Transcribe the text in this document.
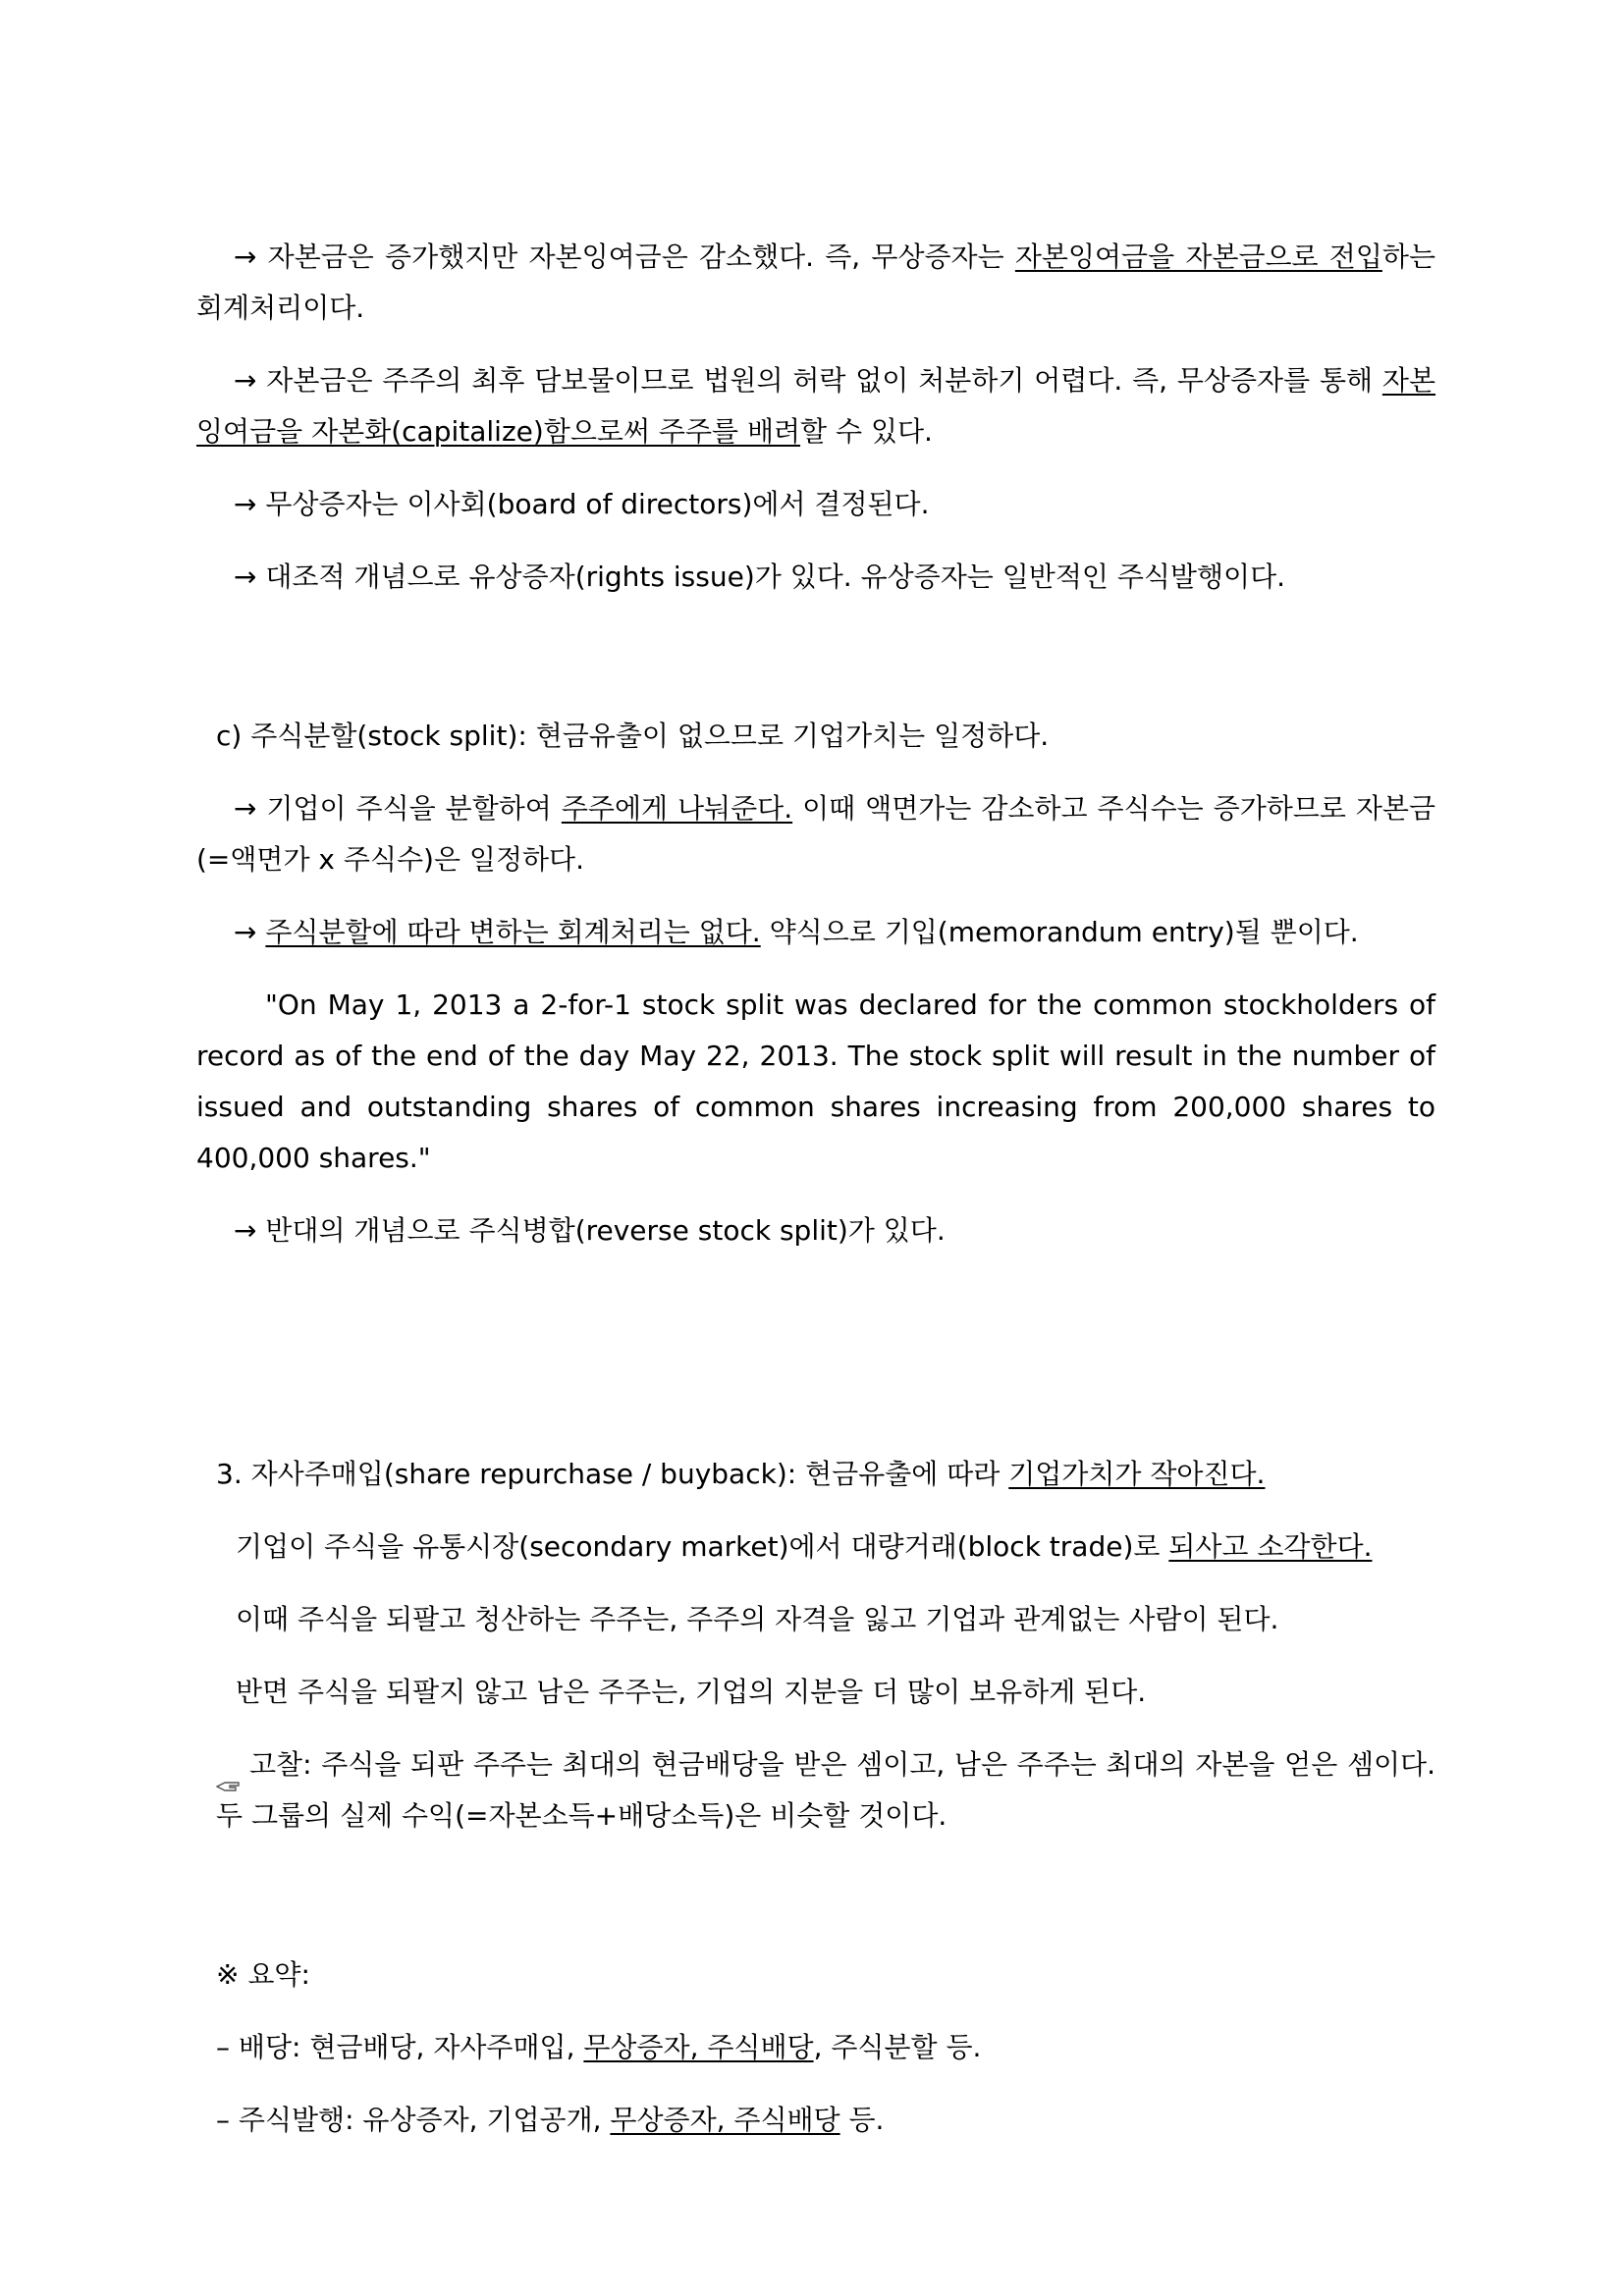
→ 자본금은 증가했지만 자본잉여금은 감소했다. 즉, 무상증자는 자본잉여금을 자본금으로 전입하는 회계처리이다.

→ 자본금은 주주의 최후 담보물이므로 법원의 허락 없이 처분하기 어렵다. 즉, 무상증자를 통해 자본잉여금을 자본화(capitalize)함으로써 주주를 배려할 수 있다.

→ 무상증자는 이사회(board of directors)에서 결정된다.

→ 대조적 개념으로 유상증자(rights issue)가 있다. 유상증자는 일반적인 주식발행이다.

c) 주식분할(stock split): 현금유출이 없으므로 기업가치는 일정하다.

→ 기업이 주식을 분할하여 주주에게 나눠준다. 이때 액면가는 감소하고 주식수는 증가하므로 자본금(=액면가 x 주식수)은 일정하다.

→ 주식분할에 따라 변하는 회계처리는 없다. 약식으로 기입(memorandum entry)될 뿐이다.

"On May 1, 2013 a 2-for-1 stock split was declared for the common stockholders of record as of the end of the day May 22, 2013. The stock split will result in the number of issued and outstanding shares of common shares increasing from 200,000 shares to 400,000 shares."

→ 반대의 개념으로 주식병합(reverse stock split)가 있다.

3. 자사주매입(share repurchase / buyback): 현금유출에 따라 기업가치가 작아진다.

기업이 주식을 유통시장(secondary market)에서 대량거래(block trade)로 되사고 소각한다.

이때 주식을 되팔고 청산하는 주주는, 주주의 자격을 잃고 기업과 관계없는 사람이 된다.

반면 주식을 되팔지 않고 남은 주주는, 기업의 지분을 더 많이 보유하게 된다.

고찰: 주식을 되판 주주는 최대의 현금배당을 받은 셈이고, 남은 주주는 최대의 자본을 얻은 셈이다. 두 그룹의 실제 수익(=자본소득+배당소득)은 비슷할 것이다.

※ 요약:

– 배당: 현금배당, 자사주매입, 무상증자, 주식배당, 주식분할 등.

– 주식발행: 유상증자, 기업공개, 무상증자, 주식배당 등.
